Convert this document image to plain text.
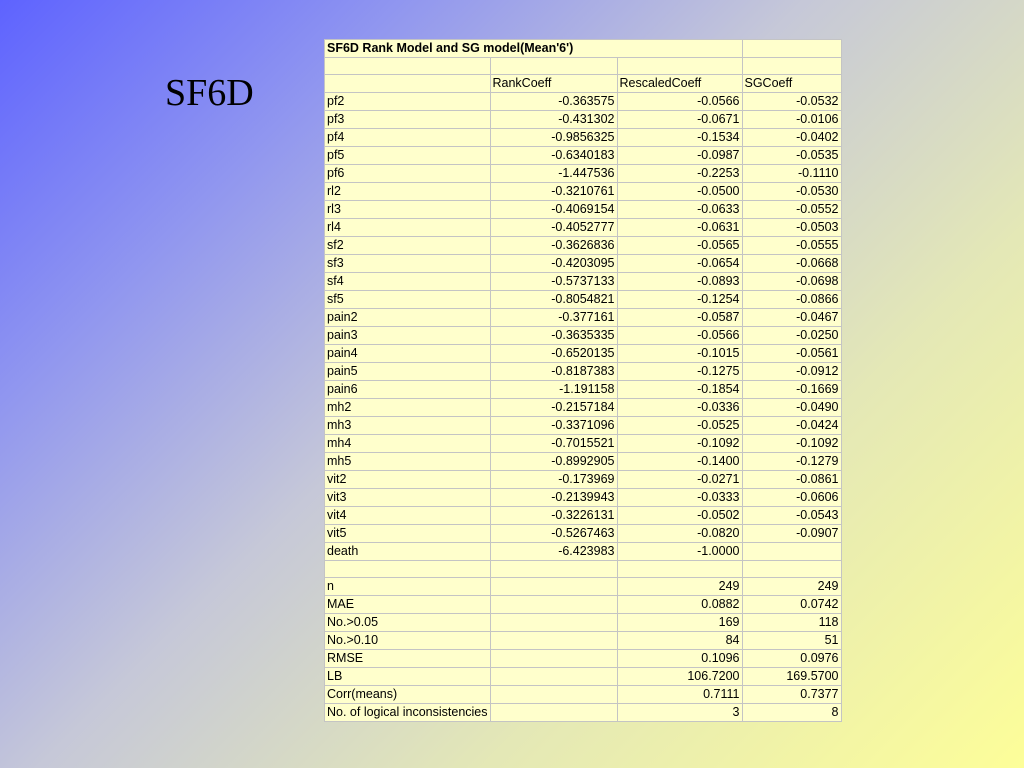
SF6D
SF6D Rank Model and SG model(Mean'6')			

	RankCoeff	RescaledCoeff	SGCoeff
pf2	-0.363575	-0.0566	-0.0532
pf3	-0.431302	-0.0671	-0.0106
pf4	-0.9856325	-0.1534	-0.0402
pf5	-0.6340183	-0.0987	-0.0535
pf6	-1.447536	-0.2253	-0.1110
rl2	-0.3210761	-0.0500	-0.0530
rl3	-0.4069154	-0.0633	-0.0552
rl4	-0.4052777	-0.0631	-0.0503
sf2	-0.3626836	-0.0565	-0.0555
sf3	-0.4203095	-0.0654	-0.0668
sf4	-0.5737133	-0.0893	-0.0698
sf5	-0.8054821	-0.1254	-0.0866
pain2	-0.377161	-0.0587	-0.0467
pain3	-0.3635335	-0.0566	-0.0250
pain4	-0.6520135	-0.1015	-0.0561
pain5	-0.8187383	-0.1275	-0.0912
pain6	-1.191158	-0.1854	-0.1669
mh2	-0.2157184	-0.0336	-0.0490
mh3	-0.3371096	-0.0525	-0.0424
mh4	-0.7015521	-0.1092	-0.1092
mh5	-0.8992905	-0.1400	-0.1279
vit2	-0.173969	-0.0271	-0.0861
vit3	-0.2139943	-0.0333	-0.0606
vit4	-0.3226131	-0.0502	-0.0543
vit5	-0.5267463	-0.0820	-0.0907
death	-6.423983	-1.0000	

n		249	249
MAE		0.0882	0.0742
No.>0.05		169	118
No.>0.10		84	51
RMSE		0.1096	0.0976
LB		106.7200	169.5700
Corr(means)		0.7111	0.7377
No. of logical inconsistencies		3	8
